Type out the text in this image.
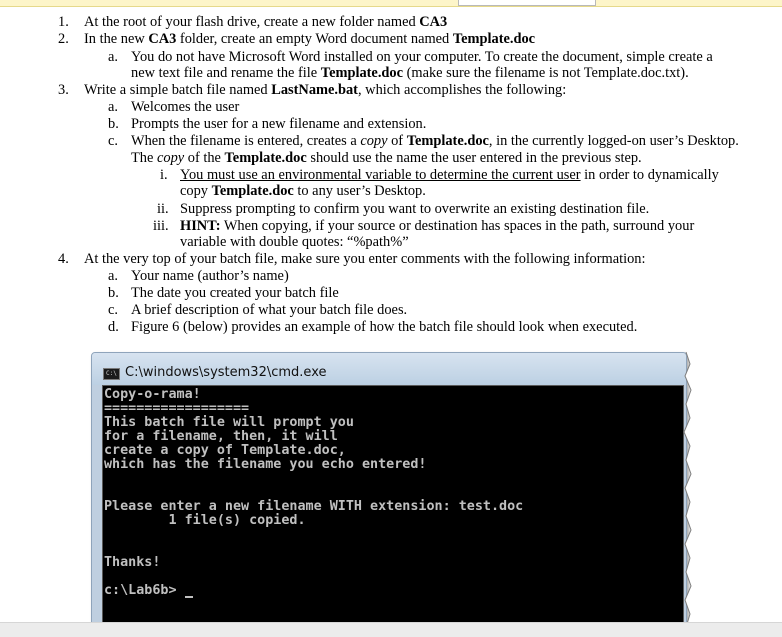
1. At the root of your flash drive, create a new folder named CA3
2. In the new CA3 folder, create an empty Word document named Template.doc
a. You do not have Microsoft Word installed on your computer. To create the document, simple create a
new text file and rename the file Template.doc (make sure the filename is not Template.doc.txt).
3. Write a simple batch file named LastName.bat, which accomplishes the following:
a. Welcomes the user
b. Prompts the user for a new filename and extension.
c. When the filename is entered, creates a copy of Template.doc, in the currently logged-on user’s Desktop.
The copy of the Template.doc should use the name the user entered in the previous step.
i. You must use an environmental variable to determine the current user in order to dynamically
copy Template.doc to any user’s Desktop.
ii. Suppress prompting to confirm you want to overwrite an existing destination file.
iii. HINT: When copying, if your source or destination has spaces in the path, surround your
variable with double quotes: “%path%”
4. At the very top of your batch file, make sure you enter comments with the following information:
a. Your name (author’s name)
b. The date you created your batch file
c. A brief description of what your batch file does.
d. Figure 6 (below) provides an example of how the batch file should look when executed.
C:\ C:\windows\system32\cmd.exe
Copy-o-rama!
==================
This batch file will prompt you
for a filename, then, it will
create a copy of Template.doc,
which has the filename you echo entered!
Please enter a new filename WITH extension: test.doc
1 file(s) copied.
Thanks!
c:\Lab6b>
